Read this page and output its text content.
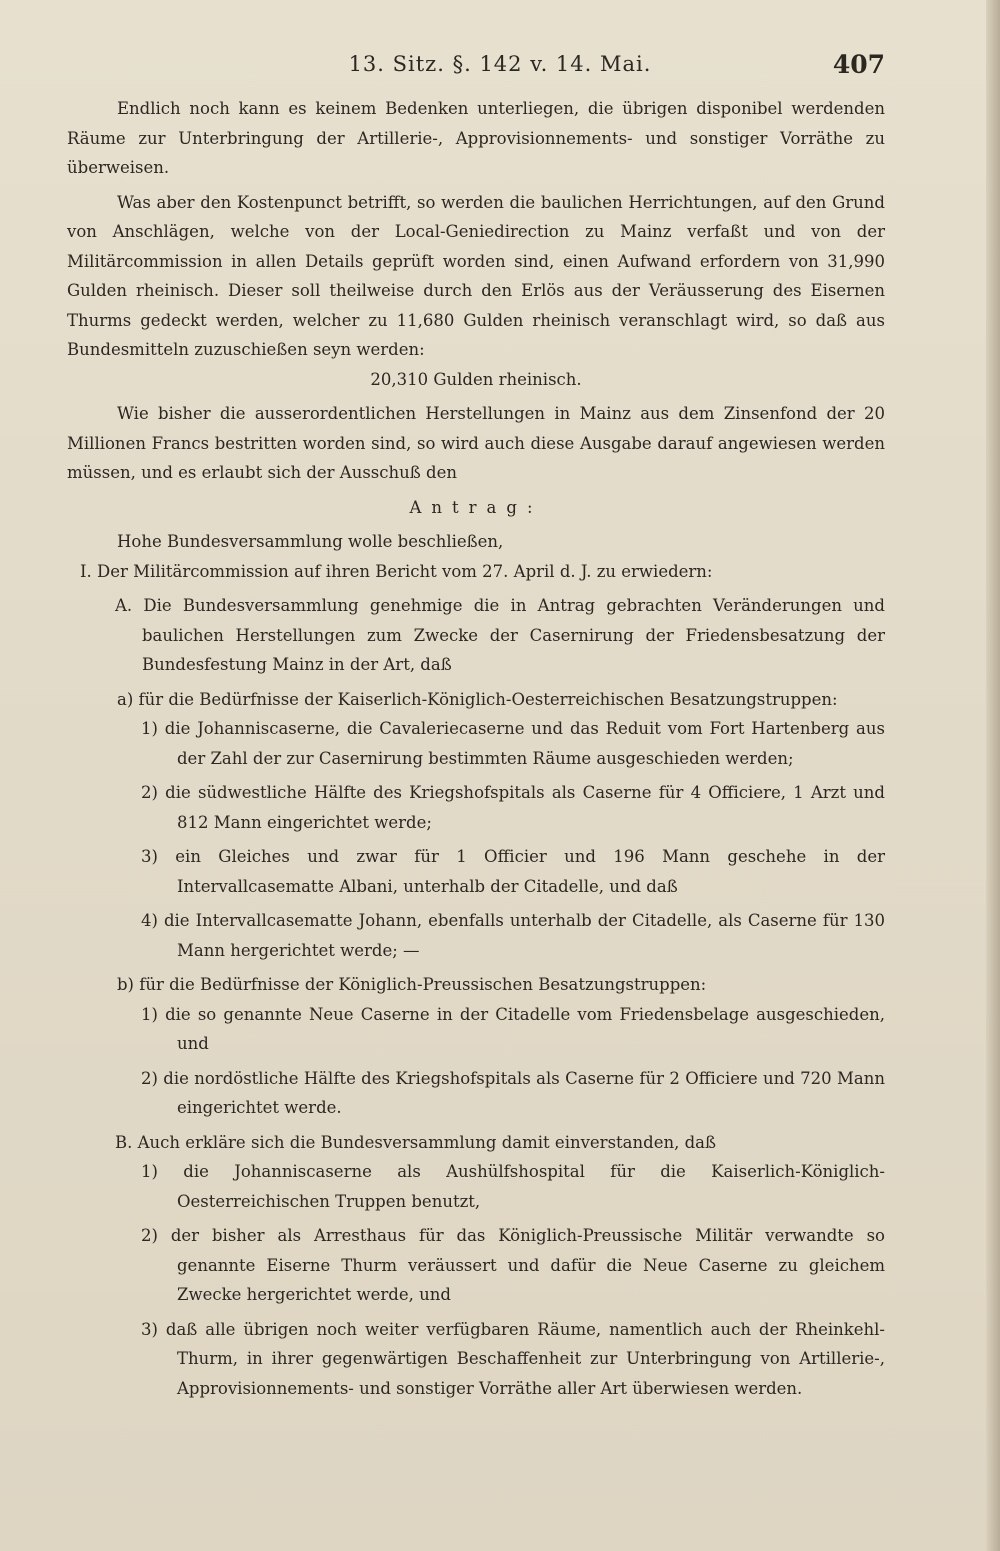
13. Sitz. §. 142 v. 14. Mai.	407

Endlich noch kann es keinem Bedenken unterliegen, die übrigen disponibel werdenden Räume zur Unterbringung der Artillerie-, Approvisionnements- und sonstiger Vorräthe zu überweisen.

Was aber den Kostenpunct betrifft, so werden die baulichen Herrichtungen, auf den Grund von Anschlägen, welche von der Local-Geniedirection zu Mainz verfaßt und von der Militärcommission in allen Details geprüft worden sind, einen Aufwand erfordern von 31,990 Gulden rheinisch. Dieser soll theilweise durch den Erlös aus der Veräusserung des Eisernen Thurms gedeckt werden, welcher zu 11,680 Gulden rheinisch veranschlagt wird, so daß aus Bundesmitteln zuzuschießen seyn werden:

20,310 Gulden rheinisch.

Wie bisher die ausserordentlichen Herstellungen in Mainz aus dem Zinsenfond der 20 Millionen Francs bestritten worden sind, so wird auch diese Ausgabe darauf angewiesen werden müssen, und es erlaubt sich der Ausschuß den

Antrag:

Hohe Bundesversammlung wolle beschließen,

I. Der Militärcommission auf ihren Bericht vom 27. April d. J. zu erwiedern:

A. Die Bundesversammlung genehmige die in Antrag gebrachten Veränderungen und baulichen Herstellungen zum Zwecke der Casernirung der Friedensbesatzung der Bundesfestung Mainz in der Art, daß

a) für die Bedürfnisse der Kaiserlich-Königlich-Oesterreichischen Besatzungstruppen:

1) die Johanniscaserne, die Cavaleriecaserne und das Reduit vom Fort Hartenberg aus der Zahl der zur Casernirung bestimmten Räume ausgeschieden werden;

2) die südwestliche Hälfte des Kriegshofspitals als Caserne für 4 Officiere, 1 Arzt und 812 Mann eingerichtet werde;

3) ein Gleiches und zwar für 1 Officier und 196 Mann geschehe in der Intervallcasematte Albani, unterhalb der Citadelle, und daß

4) die Intervallcasematte Johann, ebenfalls unterhalb der Citadelle, als Caserne für 130 Mann hergerichtet werde; —

b) für die Bedürfnisse der Königlich-Preussischen Besatzungstruppen:

1) die so genannte Neue Caserne in der Citadelle vom Friedensbelage ausgeschieden, und

2) die nordöstliche Hälfte des Kriegshofspitals als Caserne für 2 Officiere und 720 Mann eingerichtet werde.

B. Auch erkläre sich die Bundesversammlung damit einverstanden, daß

1) die Johanniscaserne als Aushülfshospital für die Kaiserlich-Königlich-Oesterreichischen Truppen benutzt,

2) der bisher als Arresthaus für das Königlich-Preussische Militär verwandte so genannte Eiserne Thurm veräussert und dafür die Neue Caserne zu gleichem Zwecke hergerichtet werde, und

3) daß alle übrigen noch weiter verfügbaren Räume, namentlich auch der Rheinkehl-Thurm, in ihrer gegenwärtigen Beschaffenheit zur Unterbringung von Artillerie-, Approvisionnements- und sonstiger Vorräthe aller Art überwiesen werden.
